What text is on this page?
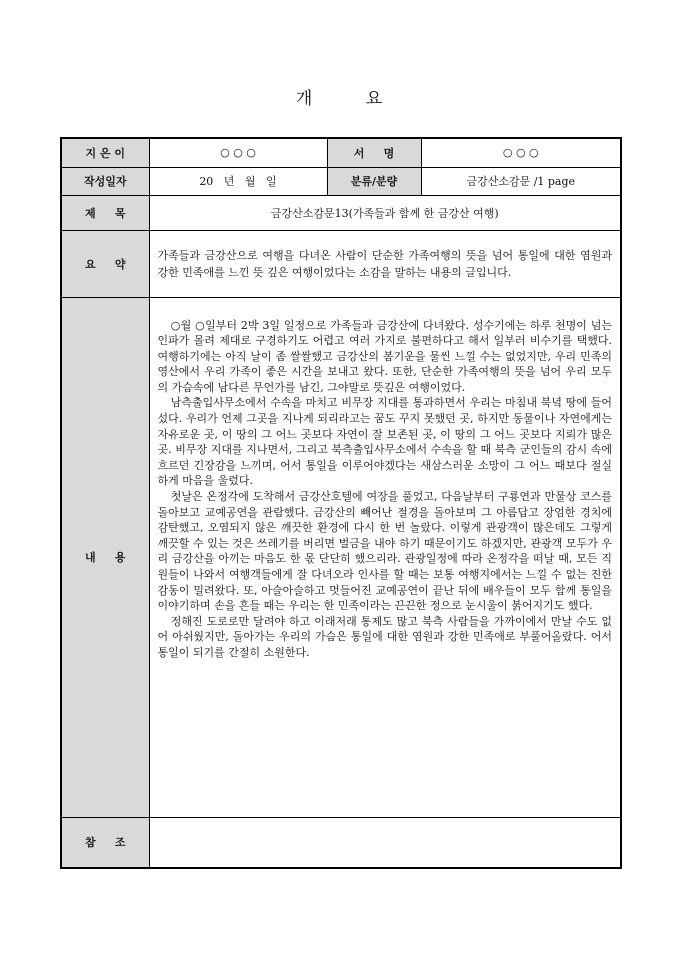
개	요
지 은 이	○ ○ ○	서     명	○ ○ ○
작성일자	20   년   월   일	분류/분량	금강산소감문 /1 page
제     목	금강산소감문13(가족들과 함께 한 금강산 여행)		
요     약	가족들과 금강산으로 여행을 다녀온 사람이 단순한 가족여행의 뜻을 넘어 통일에 대한 염원과 강한 민족애를 느낀 뜻 깊은 여행이었다는 소감을 말하는 내용의 글입니다.		
내     용	○월 ○일부터 2박 3일 일정으로 가족들과 금강산에 다녀왔다. 성수기에는 하루 천명이 넘는 인파가 몰려 제대로 구경하기도 어렵고 여러 가지로 불편하다고 해서 일부러 비수기를 택했다. 여행하기에는 아직 날이 좀 쌀쌀했고 금강산의 봄기운을 물씬 느낄 수는 없었지만, 우리 민족의 영산에서 우리 가족이 좋은 시간을 보내고 왔다. 또한, 단순한 가족여행의 뜻을 넘어 우리 모두의 가슴속에 남다른 무언가를 남긴, 그야말로 뜻깊은 여행이었다.

남측출입사무소에서 수속을 마치고 비무장 지대를 통과하면서 우리는 마침내 북녘 땅에 들어섰다. 우리가 언제 그곳을 지나게 되리라고는 꿈도 꾸지 못했던 곳, 하지만 동물이나 자연에게는 자유로운 곳, 이 땅의 그 어느 곳보다 자연이 잘 보존된 곳, 이 땅의 그 어느 곳보다 지뢰가 많은 곳. 비무장 지대를 지나면서, 그리고 북측출입사무소에서 수속을 할 때 북측 군인들의 감시 속에 흐르던 긴장감을 느끼며, 어서 통일을 이루어야겠다는 새삼스러운 소망이 그 어느 때보다 절실하게 마음을 울렸다.

첫날은 온정각에 도착해서 금강산호텔에 여장을 풀었고, 다음날부터 구룡연과 만물상 코스를 돌아보고 교예공연을 관람했다. 금강산의 빼어난 절경을 돌아보며 그 아름답고 장엄한 경치에 감탄했고, 오염되지 않은 깨끗한 환경에 다시 한 번 놀랐다. 이렇게 관광객이 많은데도 그렇게 깨끗할 수 있는 것은 쓰레기를 버리면 벌금을 내야 하기 때문이기도 하겠지만, 관광객 모두가 우리 금강산을 아끼는 마음도 한 몫 단단히 했으리라. 관광일정에 따라 온정각을 떠날 때, 모든 직원들이 나와서 여행객들에게 잘 다녀오라 인사를 할 때는 보통 여행지에서는 느낄 수 없는 진한 감동이 밀려왔다. 또, 아슬아슬하고 멋들어진 교예공연이 끝난 뒤에 배우들이 모두 함께 통일을 이야기하며 손을 흔들 때는 우리는 한 민족이라는 끈끈한 정으로 눈시울이 붉어지기도 했다.

정해진 도로로만 달려야 하고 이래저래 통제도 많고 북측 사람들을 가까이에서 만날 수도 없어 아쉬웠지만, 돌아가는 우리의 가슴은 통일에 대한 염원과 강한 민족애로 부풀어올랐다. 어서 통일이 되기를 간절히 소원한다.		

참     조			
